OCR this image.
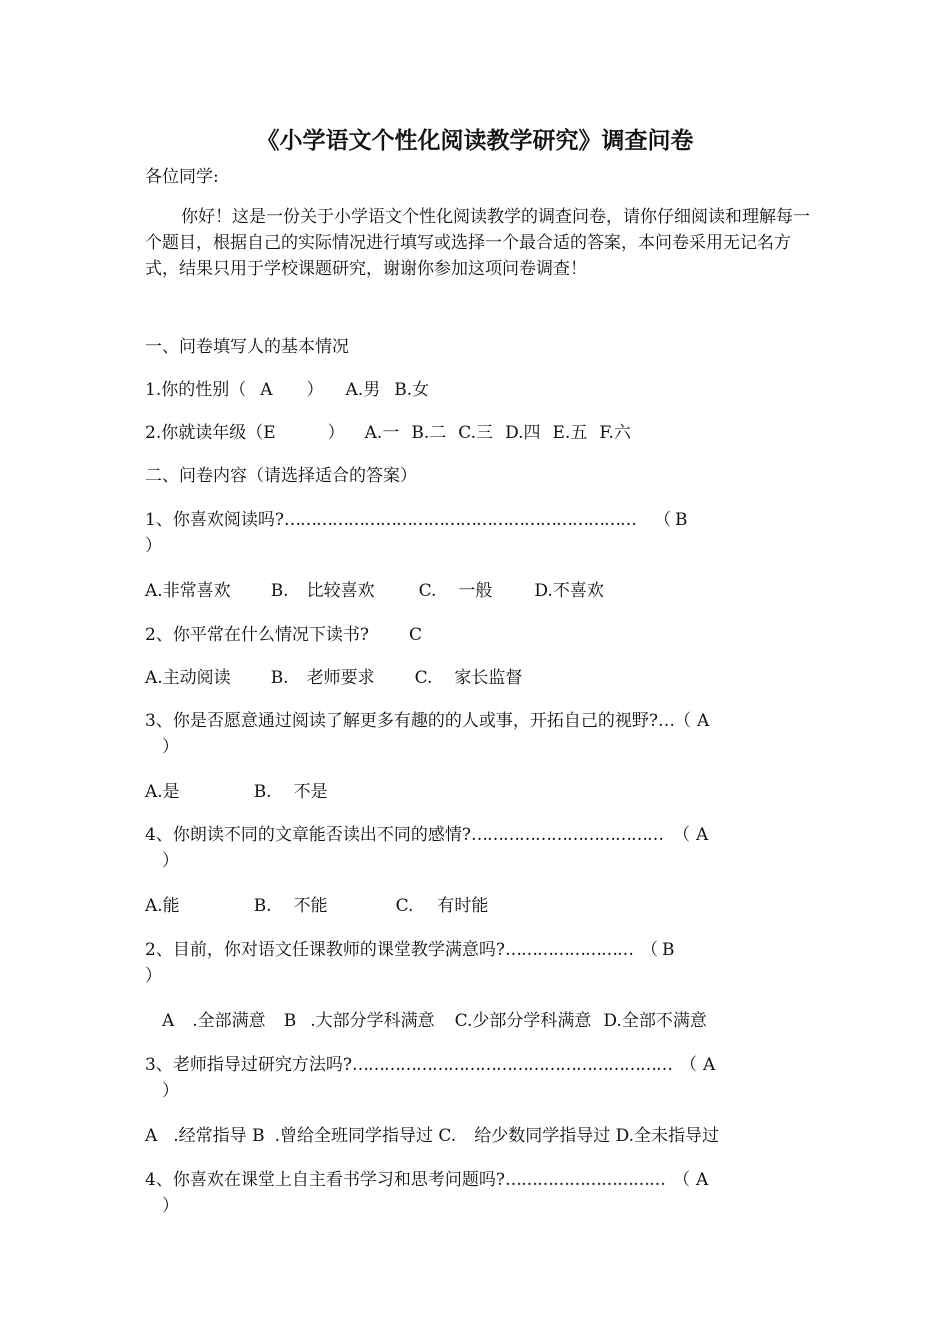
《小学语文个性化阅读教学研究》调查问卷
各位同学:
你好！这是一份关于小学语文个性化阅读教学的调查问卷，请你仔细阅读和理解每一个题目，根据自己的实际情况进行填写或选择一个最合适的答案，本问卷采用无记名方式，结果只用于学校课题研究，谢谢你参加这项问卷调查！
一、问卷填写人的基本情况
1.你的性别（ A ） A.男 B.女
2.你就读年级（E	） A.一 B.二 C.三 D.四 E.五 F.六
二、问卷内容（请选择适合的答案）
1、你喜欢阅读吗?………………………………………………………… （ B
）
A.非常喜欢 B. 比较喜欢	C. 一般 D.不喜欢
2、你平常在什么情况下读书? C
A.主动阅读 B. 老师要求 C. 家长监督
3、你是否愿意通过阅读了解更多有趣的的人或事，开拓自己的视野?…（ A
）
A.是	B. 不是
4、你朗读不同的文章能否读出不同的感情?……………………………… （ A
）
A.能	B. 不能	C. 有时能
2、目前，你对语文任课教师的课堂教学满意吗?…………………… （ B
）
A .全部满意 B .大部分学科满意 C.少部分学科满意 D.全部不满意
3、老师指导过研究方法吗?…………………………………………………… （ A
）
A .经常指导 B .曾给全班同学指导过 C. 给少数同学指导过 D.全未指导过
4、你喜欢在课堂上自主看书学习和思考问题吗?………………………… （ A
）
